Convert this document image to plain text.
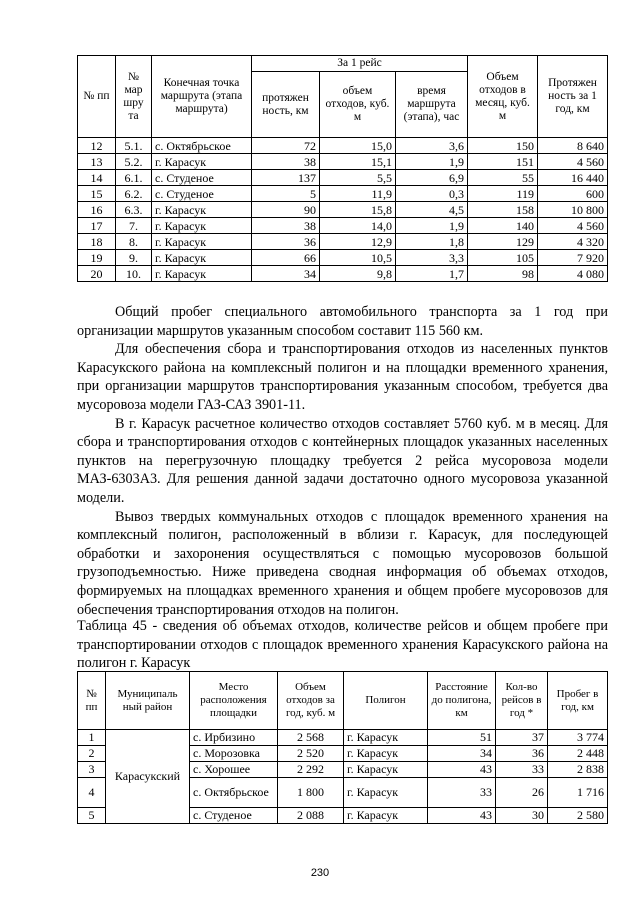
№ пп	№ мар шру та	Конечная точка маршрута (этапа маршрута)	За 1 рейс			Объем отходов в месяц, куб. м	Протяжен ность за 1 год, км
			протяжен ность, км	объем отходов, куб. м	время маршрута (этапа), час		
12	5.1.	с. Октябрьское	72	15,0	3,6	150	8 640
13	5.2.	г. Карасук	38	15,1	1,9	151	4 560
14	6.1.	с. Студеное	137	5,5	6,9	55	16 440
15	6.2.	с. Студеное	5	11,9	0,3	119	600
16	6.3.	г. Карасук	90	15,8	4,5	158	10 800
17	7.	г. Карасук	38	14,0	1,9	140	4 560
18	8.	г. Карасук	36	12,9	1,8	129	4 320
19	9.	г. Карасук	66	10,5	3,3	105	7 920
20	10.	г. Карасук	34	9,8	1,7	98	4 080

Общий пробег специального автомобильного транспорта за 1 год при организации маршрутов указанным способом составит 115 560 км.

Для обеспечения сбора и транспортирования отходов из населенных пунктов Карасукского района на комплексный полигон и на площадки временного хранения, при организации маршрутов транспортирования указанным способом, требуется два мусоровоза модели ГАЗ-САЗ 3901-11.

В г. Карасук расчетное количество отходов составляет 5760 куб. м в месяц. Для сбора и транспортирования отходов с контейнерных площадок указанных населенных пунктов на перегрузочную площадку требуется 2 рейса мусоровоза модели МАЗ-6303А3. Для решения данной задачи достаточно одного мусоровоза указанной модели.

Вывоз твердых коммунальных отходов с площадок временного хранения на комплексный полигон, расположенный в вблизи г. Карасук, для последующей обработки и захоронения осуществляться с помощью мусоровозов большой грузоподъемностью. Ниже приведена сводная информация об объемах отходов, формируемых на площадках временного хранения и общем пробеге мусоровозов для обеспечения транспортирования отходов на полигон.

Таблица 45 - сведения об объемах отходов, количестве рейсов и общем пробеге при транспортировании отходов с площадок временного хранения Карасукского района на полигон г. Карасук
№ пп	Муниципаль ный район	Место расположения площадки	Объем отходов за год, куб. м	Полигон	Расстояние до полигона, км	Кол-во рейсов в год *	Пробег в год, км
1	Карасукский	с. Ирбизино	2 568	г. Карасук	51	37	3 774
2		с. Морозовка	2 520	г. Карасук	34	36	2 448
3		с. Хорошее	2 292	г. Карасук	43	33	2 838
4		с. Октябрьское	1 800	г. Карасук	33	26	1 716
5		с. Студеное	2 088	г. Карасук	43	30	2 580
230
